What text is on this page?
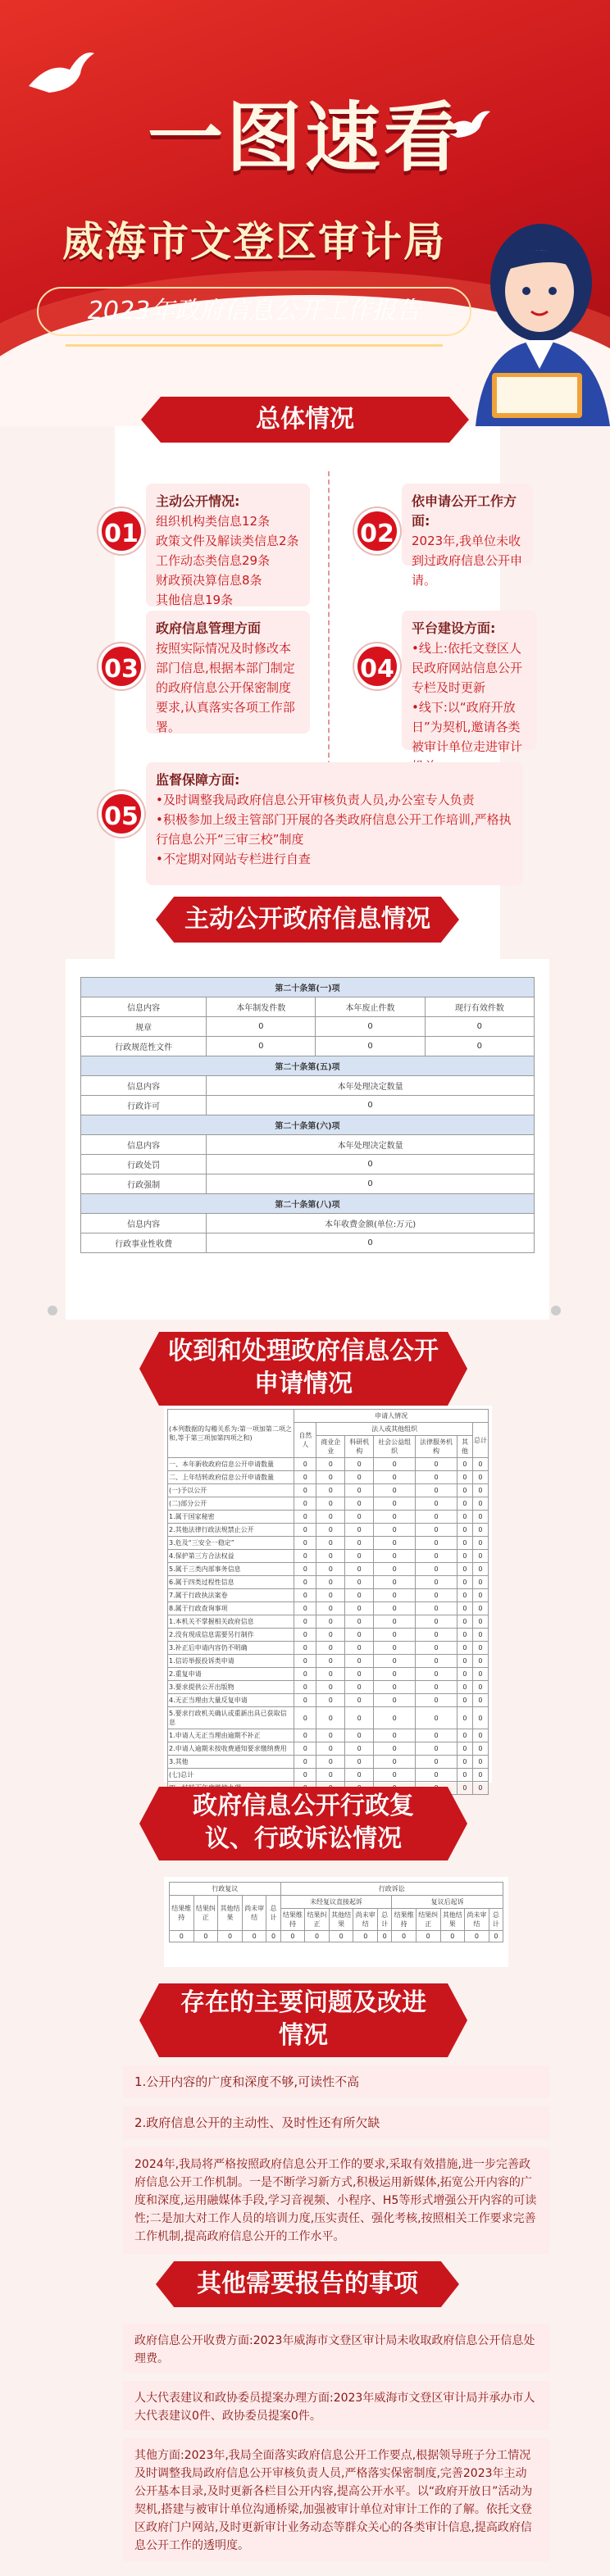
一图速看
威海市文登区审计局
2023年政府信息公开工作报告
总体情况
01
主动公开情况:
组织机构类信息12条
政策文件及解读类信息2条
工作动态类信息29条
财政预决算信息8条
其他信息19条
02
依申请公开工作方面:
2023年,我单位未收到过政府信息公开申请。
03
政府信息管理方面
按照实际情况及时修改本部门信息,根据本部门制定的政府信息公开保密制度要求,认真落实各项工作部署。
04
平台建设方面:
•线上:依托文登区人民政府网站信息公开专栏及时更新
•线下:以“政府开放日”为契机,邀请各类被审计单位走进审计
05
监督保障方面:
•及时调整我局政府信息公开审核负责人员,办公室专人负责
•积极参加上级主管部门开展的各类政府信息公开工作培训,严格执行信息公开“三审三校”制度
•不定期对网站专栏进行自查
主动公开政府信息情况
第二十条第(一)项			
信息内容	本年制发件数	本年废止件数	现行有效件数
规章	0	0	0
行政规范性文件	0	0	0
第二十条第(五)项			
信息内容	本年处理决定数量		
行政许可	0		
第二十条第(六)项			
信息内容	本年处理决定数量		
行政处罚	0		
行政强制	0		
第二十条第(八)项			
信息内容	本年收费金额(单位:万元)		
行政事业性收费	0		
收到和处理政府信息公开
申请情况
(本列数据的勾稽关系为:第一项加第二项之和,等于第三项加第四项之和)	申请人情况						
	自然人	法人或其他组织					总计
		商业企业	科研机构	社会公益组织	法律服务机构	其他	
一、本年新收政府信息公开申请数量	0	0	0	0	0	0	0
二、上年结转政府信息公开申请数量	0	0	0	0	0	0	0
(一)予以公开	0	0	0	0	0	0	0
(二)部分公开	0	0	0	0	0	0	0
1.属于国家秘密	0	0	0	0	0	0	0
2.其他法律行政法规禁止公开	0	0	0	0	0	0	0
3.危及“三安全一稳定”	0	0	0	0	0	0	0
4.保护第三方合法权益	0	0	0	0	0	0	0
5.属于三类内部事务信息	0	0	0	0	0	0	0
6.属于四类过程性信息	0	0	0	0	0	0	0
7.属于行政执法案卷	0	0	0	0	0	0	0
8.属于行政查询事项	0	0	0	0	0	0	0
1.本机关不掌握相关政府信息	0	0	0	0	0	0	0
2.没有现成信息需要另行制作	0	0	0	0	0	0	0
3.补正后申请内容仍不明确	0	0	0	0	0	0	0
1.信访举报投诉类申请	0	0	0	0	0	0	0
2.重复申请	0	0	0	0	0	0	0
3.要求提供公开出版物	0	0	0	0	0	0	0
4.无正当理由大量反复申请	0	0	0	0	0	0	0
5.要求行政机关确认或重新出具已获取信息	0	0	0	0	0	0	0
1.申请人无正当理由逾期不补正	0	0	0	0	0	0	0
2.申请人逾期未按收费通知要求缴纳费用	0	0	0	0	0	0	0
3.其他	0	0	0	0	0	0	0
(七)总计	0	0	0	0	0	0	0
						0	0
政府信息公开行政复
议、行政诉讼情况
行政复议					行政诉讼									
结果维持	结果纠正	其他结果	尚未审结	总计	未经复议直接起诉					复议后起诉				
					结果维持	结果纠正	其他结果	尚未审结	总计	结果维持	结果纠正	其他结果	尚未审结	总计
0	0	0	0	0	0	0	0	0	0	0	0	0	0	0
存在的主要问题及改进
情况
1.公开内容的广度和深度不够,可读性不高
2.政府信息公开的主动性、及时性还有所欠缺
2024年,我局将严格按照政府信息公开工作的要求,采取有效措施,进一步完善政府信息公开工作机制。一是不断学习新方式,积极运用新媒体,拓宽公开内容的广度和深度,运用融媒体手段,学习音视频、小程序、H5等形式增强公开内容的可读性;二是加大对工作人员的培训力度,压实责任、强化考核,按照相关工作要求完善工作机制,提高政府信息公开的工作水平。
其他需要报告的事项
政府信息公开收费方面:2023年威海市文登区审计局未收取政府信息公开信息处理费。
人大代表建议和政协委员提案办理方面:2023年威海市文登区审计局并承办市人大代表建议0件、政协委员提案0件。
其他方面:2023年,我局全面落实政府信息公开工作要点,根据领导班子分工情况及时调整我局政府信息公开审核负责人员,严格落实保密制度,完善2023年主动公开基本目录,及时更新各栏目公开内容,提高公开水平。以“政府开放日”活动为契机,搭建与被审计单位沟通桥梁,加强被审计单位对审计工作的了解。依托文登区政府门户网站,及时更新审计业务动态等群众关心的各类审计信息,提高政府信息公开工作的透明度。
